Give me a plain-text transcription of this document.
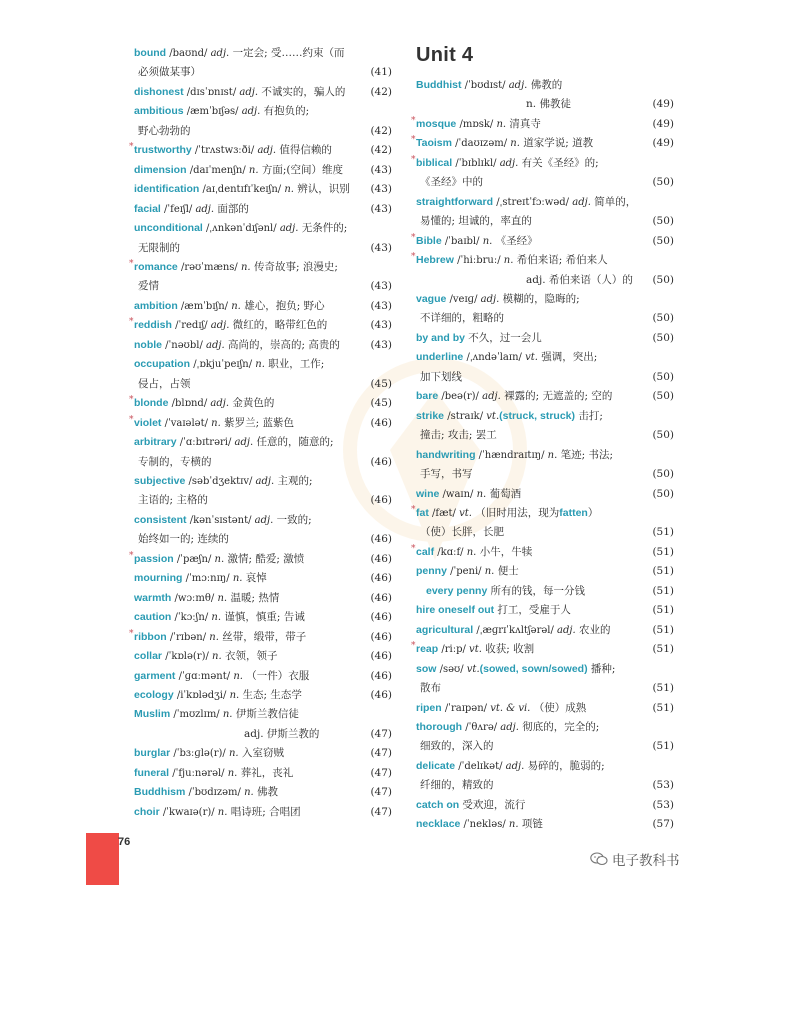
bound /baʊnd/ adj. 一定会; 受……约束（而
必须做某事）	(41)
dishonest /dɪsˈɒnɪst/ adj. 不诚实的，骗人的	(42)
ambitious /æmˈbɪʃəs/ adj. 有抱负的;
野心勃勃的	(42)
* trustworthy /ˈtrʌstwɜːði/ adj. 值得信赖的	(42)
dimension /daɪˈmenʃn/ n. 方面;(空间）维度	(43)
identification /aɪˌdentɪfɪˈkeɪʃn/ n. 辨认，识别	(43)
facial /ˈfeɪʃl/ adj. 面部的	(43)
unconditional /ˌʌnkənˈdɪʃənl/ adj. 无条件的;
无限制的	(43)
* romance /rəʊˈmæns/ n. 传奇故事; 浪漫史;
爱情	(43)
ambition /æmˈbɪʃn/ n. 雄心，抱负; 野心	(43)
* reddish /ˈredɪʃ/ adj. 微红的，略带红色的	(43)
noble /ˈnəʊbl/ adj. 高尚的，崇高的; 高贵的	(43)
occupation /ˌɒkjuˈpeɪʃn/ n. 职业，工作;
侵占，占领	(45)
* blonde /blɒnd/ adj. 金黄色的	(45)
* violet /ˈvaɪələt/ n. 紫罗兰; 蓝紫色	(46)
arbitrary /ˈɑːbɪtrəri/ adj. 任意的，随意的;
专制的，专横的	(46)
subjective /səbˈdʒektɪv/ adj. 主观的;
主语的; 主格的	(46)
consistent /kənˈsɪstənt/ adj. 一致的;
始终如一的; 连续的	(46)
* passion /ˈpæʃn/ n. 激情; 酷爱; 激愤	(46)
mourning /ˈmɔːnɪŋ/ n. 哀悼	(46)
warmth /wɔːmθ/ n. 温暖; 热情	(46)
caution /ˈkɔːʃn/ n. 谨慎，慎重; 告诫	(46)
* ribbon /ˈrɪbən/ n. 丝带，缎带，带子	(46)
collar /ˈkɒlə(r)/ n. 衣领，领子	(46)
garment /ˈɡɑːmənt/ n. （一件）衣服	(46)
ecology /iˈkɒlədʒi/ n. 生态; 生态学	(46)
Muslim /ˈmʊzlɪm/ n. 伊斯兰教信徒
adj. 伊斯兰教的	(47)
burglar /ˈbɜːɡlə(r)/ n. 入室窃贼	(47)
funeral /ˈfjuːnərəl/ n. 葬礼，丧礼	(47)
Buddhism /ˈbʊdɪzəm/ n. 佛教	(47)
choir /ˈkwaɪə(r)/ n. 唱诗班; 合唱团	(47)
Unit 4
Buddhist /ˈbʊdɪst/ adj. 佛教的
n. 佛教徒	(49)
* mosque /mɒsk/ n. 清真寺	(49)
* Taoism /ˈdaʊɪzəm/ n. 道家学说; 道教	(49)
* biblical /ˈbɪblɪkl/ adj. 有关《圣经》的;
《圣经》中的	(50)
straightforward /ˌstreɪtˈfɔːwəd/ adj. 简单的，
易懂的; 坦诚的，率直的	(50)
* Bible /ˈbaɪbl/ n. 《圣经》	(50)
* Hebrew /ˈhiːbruː/ n. 希伯来语; 希伯来人
adj. 希伯来语（人）的	(50)
vague /veɪɡ/ adj. 模糊的，隐晦的;
不详细的，粗略的	(50)
by and by 不久，过一会儿	(50)
underline /ˌʌndəˈlaɪn/ vt. 强调，突出;
加下划线	(50)
bare /beə(r)/ adj. 裸露的; 无遮盖的; 空的	(50)
strike /straɪk/ vt.(struck, struck) 击打;
撞击; 攻击; 罢工	(50)
handwriting /ˈhændraɪtɪŋ/ n. 笔迹; 书法;
手写，书写	(50)
wine /waɪn/ n. 葡萄酒	(50)
* fat /fæt/ vt. （旧时用法，现为fatten）
（使）长胖，长肥	(51)
* calf /kɑːf/ n. 小牛，牛犊	(51)
penny /ˈpeni/ n. 便士	(51)
every penny 所有的钱，每一分钱	(51)
hire oneself out 打工，受雇于人	(51)
agricultural /ˌæɡrɪˈkʌltʃərəl/ adj. 农业的	(51)
* reap /riːp/ vt. 收获; 收割	(51)
sow /səʊ/ vt.(sowed, sown/sowed) 播种;
散布	(51)
ripen /ˈraɪpən/ vt. & vi. （使）成熟	(51)
thorough /ˈθʌrə/ adj. 彻底的，完全的;
细致的，深入的	(51)
delicate /ˈdelɪkət/ adj. 易碎的，脆弱的;
纤细的，精致的	(53)
catch on 受欢迎，流行	(53)
necklace /ˈnekləs/ n. 项链	(57)
76
电子教科书
